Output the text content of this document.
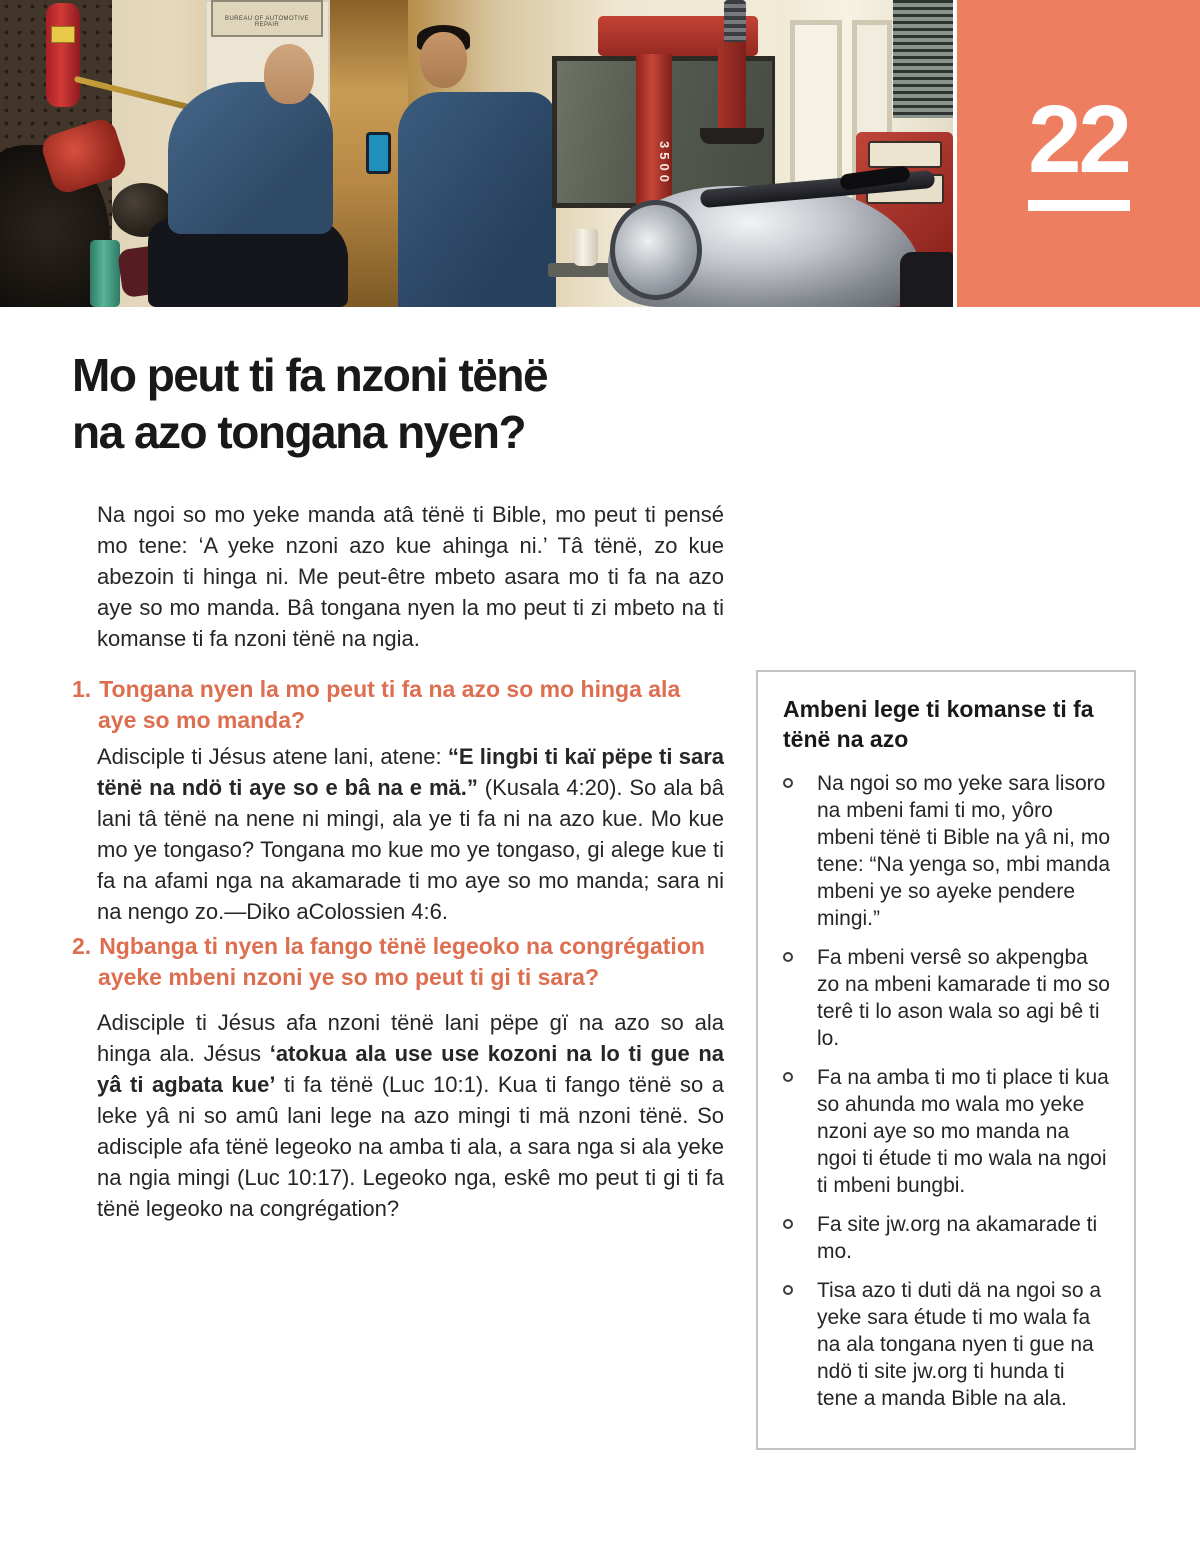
BUREAU OF AUTOMOTIVE REPAIR
3500	22
Mo peut ti fa nzoni tënë
na azo tongana nyen?

Na ngoi so mo yeke manda atâ tënë ti Bible, mo peut ti pensé mo tene: ‘A yeke nzoni azo kue ahinga ni.’ Tâ tënë, zo kue abezoin ti hinga ni. Me peut-être mbeto asara mo ti fa na azo aye so mo manda. Bâ tongana nyen la mo peut ti zi mbeto na ti komanse ti fa nzoni tënë na ngia.

1. Tongana nyen la mo peut ti fa na azo so mo hinga ala aye so mo manda?

Adisciple ti Jésus atene lani, atene: “E lingbi ti kaï pëpe ti sara tënë na ndö ti aye so e bâ na e mä.” (Kusala 4:20). So ala bâ lani tâ tënë na nene ni mingi, ala ye ti fa ni na azo kue. Mo kue mo ye tongaso? Tongana mo kue mo ye tongaso, gi alege kue ti fa na afami nga na akamarade ti mo aye so mo manda; sara ni na nengo zo.—Diko aColossien 4:6.

2. Ngbanga ti nyen la fango tënë legeoko na congrégation ayeke mbeni nzoni ye so mo peut ti gi ti sara?

Adisciple ti Jésus afa nzoni tënë lani pëpe gï na azo so ala hinga ala. Jésus ‘atokua ala use use kozoni na lo ti gue na yâ ti agbata kue’ ti fa tënë (Luc 10:1). Kua ti fango tënë so a leke yâ ni so amû lani lege na azo mingi ti mä nzoni tënë. So adisciple afa tënë legeoko na amba ti ala, a sara nga si ala yeke na ngia mingi (Luc 10:17). Legeoko nga, eskê mo peut ti gi ti fa tënë legeoko na congrégation?

Ambeni lege ti komanse ti fa tënë na azo
Na ngoi so mo yeke sara lisoro na mbeni fami ti mo, yôro mbeni tënë ti Bible na yâ ni, mo tene: “Na yenga so, mbi manda mbeni ye so ayeke pendere mingi.”
Fa mbeni versê so akpengba zo na mbeni kamarade ti mo so terê ti lo ason wala so agi bê ti lo.
Fa na amba ti mo ti place ti kua so ahunda mo wala mo yeke nzoni aye so mo manda na ngoi ti étude ti mo wala na ngoi ti mbeni bungbi.
Fa site jw.org na akamarade ti mo.
Tisa azo ti duti dä na ngoi so a yeke sara étude ti mo wala fa na ala tongana nyen ti gue na ndö ti site jw.org ti hunda ti tene a manda Bible na ala.
